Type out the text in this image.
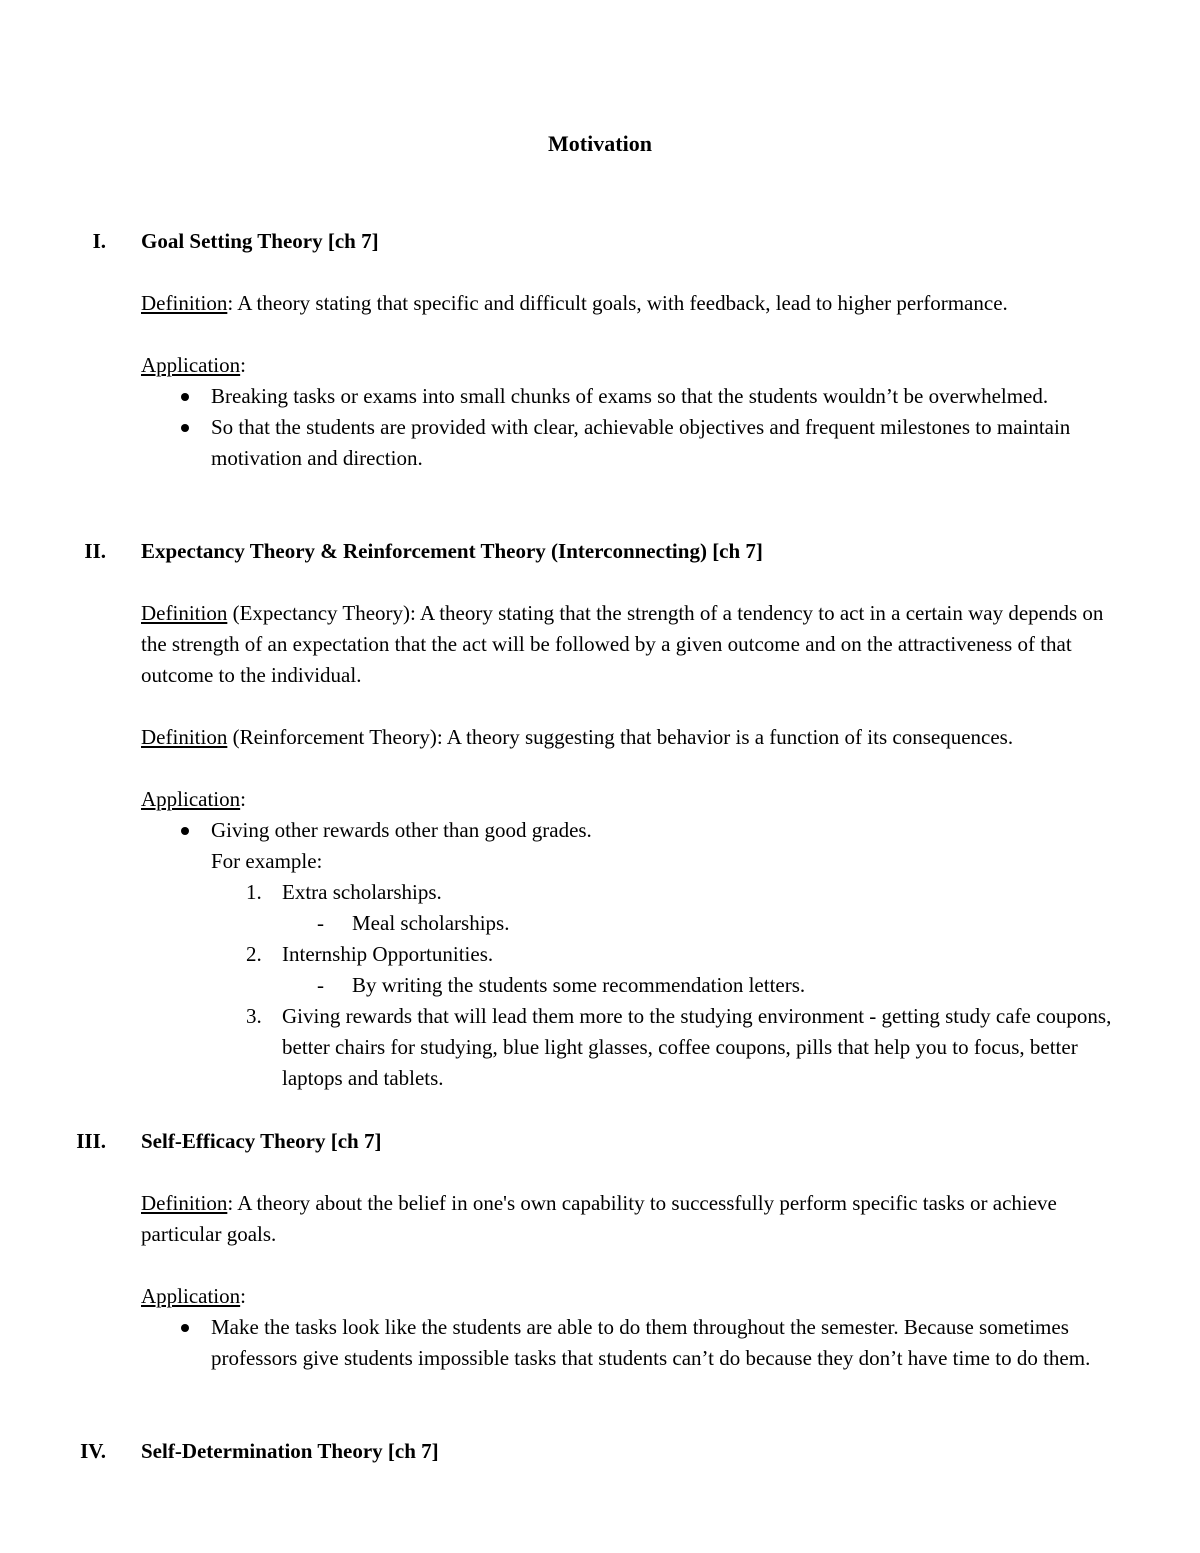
Motivation
I. Goal Setting Theory [ch 7]
Definition: A theory stating that specific and difficult goals, with feedback, lead to higher performance.
Application:
Breaking tasks or exams into small chunks of exams so that the students wouldn’t be overwhelmed.
So that the students are provided with clear, achievable objectives and frequent milestones to maintain motivation and direction.
II. Expectancy Theory & Reinforcement Theory (Interconnecting) [ch 7]
Definition (Expectancy Theory): A theory stating that the strength of a tendency to act in a certain way depends on the strength of an expectation that the act will be followed by a given outcome and on the attractiveness of that outcome to the individual.
Definition (Reinforcement Theory): A theory suggesting that behavior is a function of its consequences.
Application:
Giving other rewards other than good grades.
For example:
1. Extra scholarships.
- Meal scholarships.
2. Internship Opportunities.
- By writing the students some recommendation letters.
3. Giving rewards that will lead them more to the studying environment - getting study cafe coupons, better chairs for studying, blue light glasses, coffee coupons, pills that help you to focus, better laptops and tablets.
III. Self-Efficacy Theory [ch 7]
Definition: A theory about the belief in one's own capability to successfully perform specific tasks or achieve particular goals.
Application:
Make the tasks look like the students are able to do them throughout the semester. Because sometimes professors give students impossible tasks that students can’t do because they don’t have time to do them.
IV. Self-Determination Theory [ch 7]
